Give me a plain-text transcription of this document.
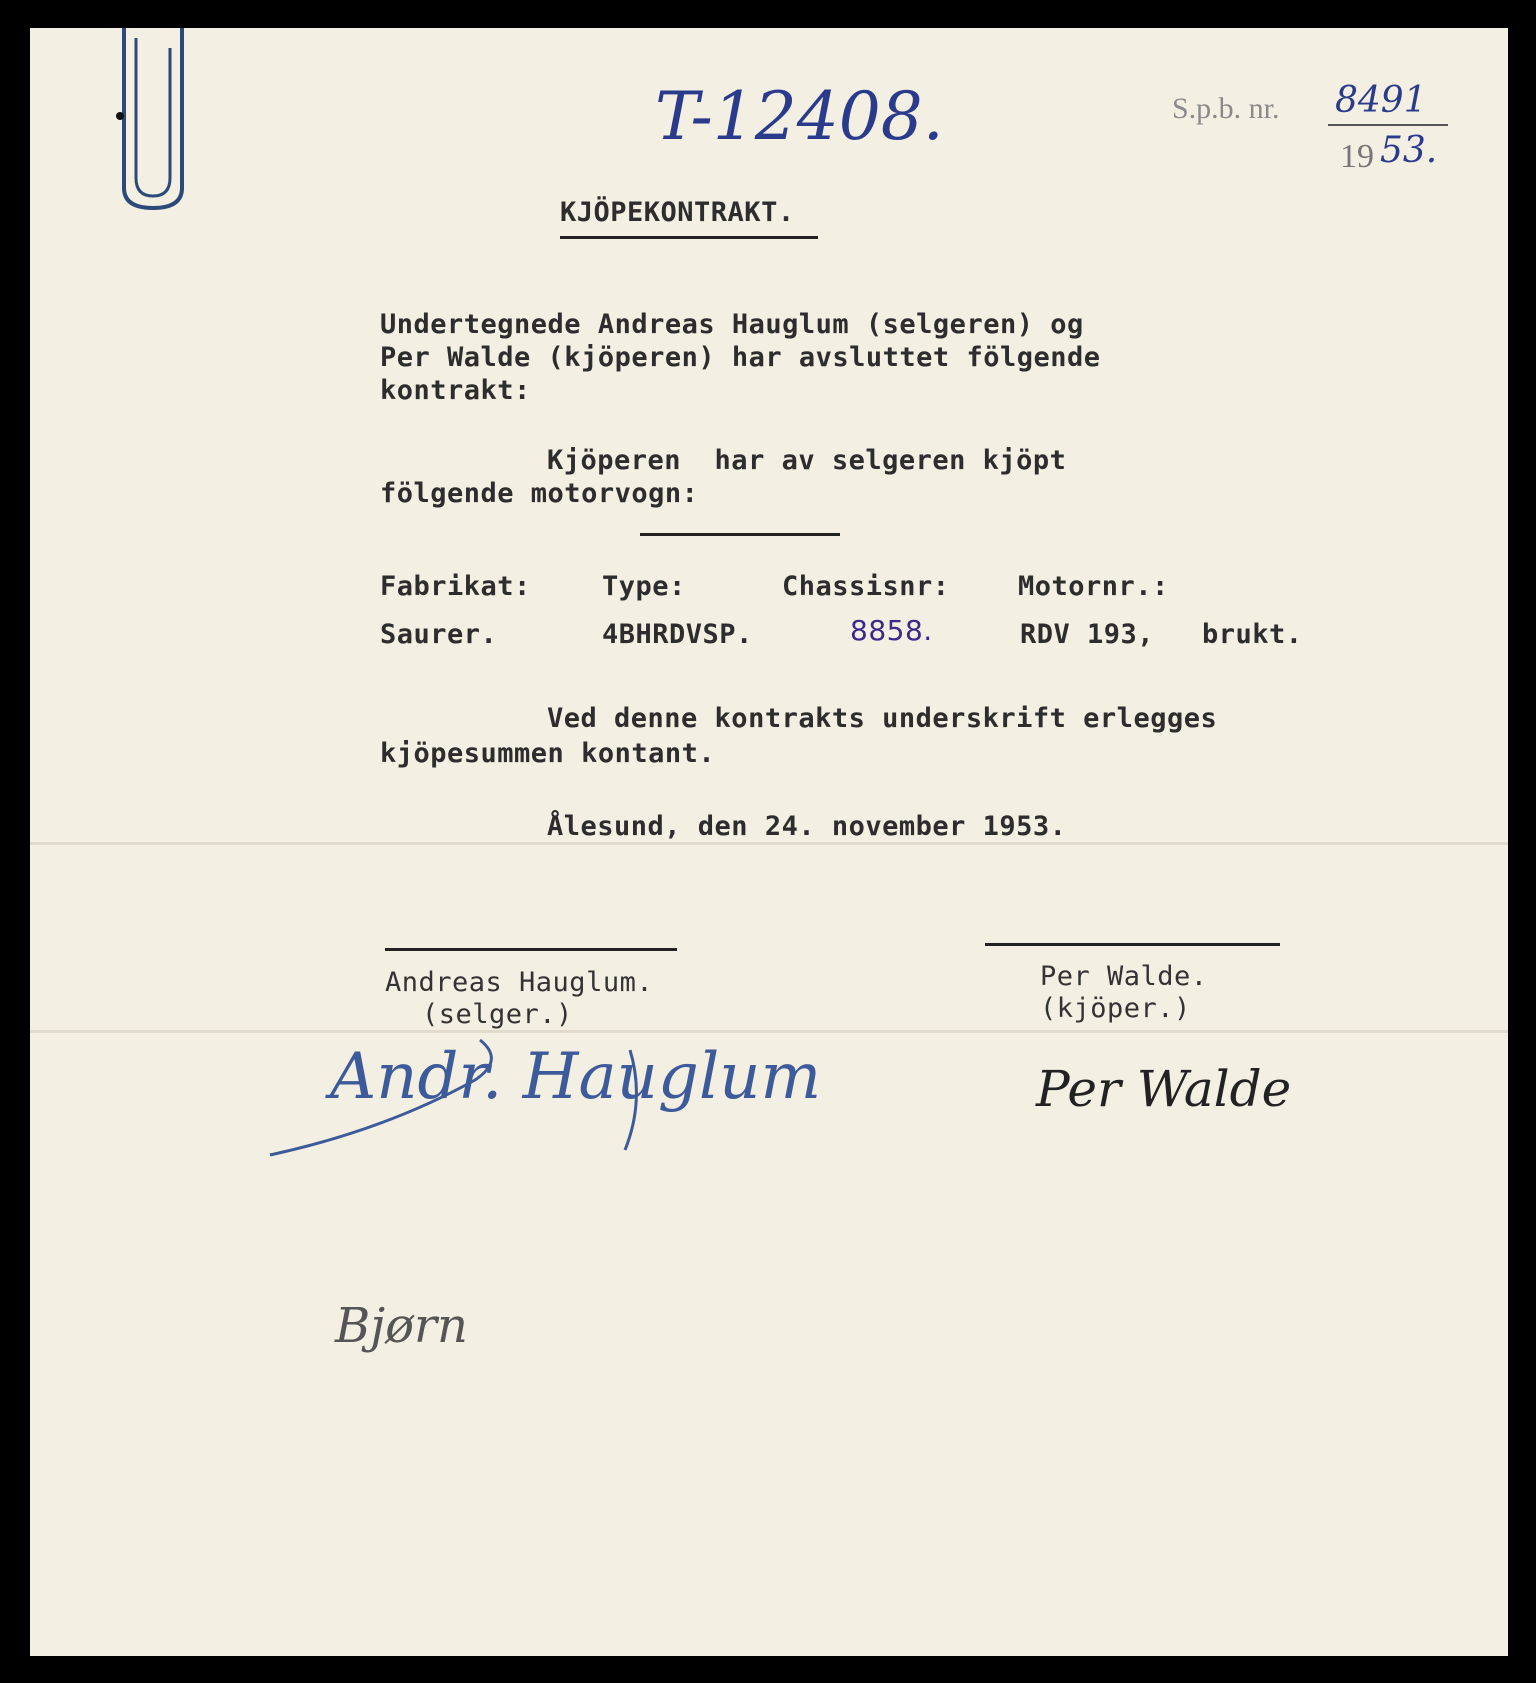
T-12408.	S.p.b. nr. 8491
19 53.
KJÖPEKONTRAKT.
Undertegnede Andreas Hauglum (selgeren) og
Per Walde (kjöperen) har avsluttet fölgende
kontrakt:
Kjöperen  har av selgeren kjöpt
fölgende motorvogn:
Fabrikat:	Type:	Chassisnr:	Motornr.:
Saurer.	4BHRDVSP.	8858.	RDV 193, brukt.
Ved denne kontrakts underskrift erlegges
kjöpesummen kontant.
Ålesund, den 24. november 1953.
Andreas Hauglum.
(selger.)
Per Walde.
(kjöper.)
Andr. Hauglum	Per Walde
Bjørn
